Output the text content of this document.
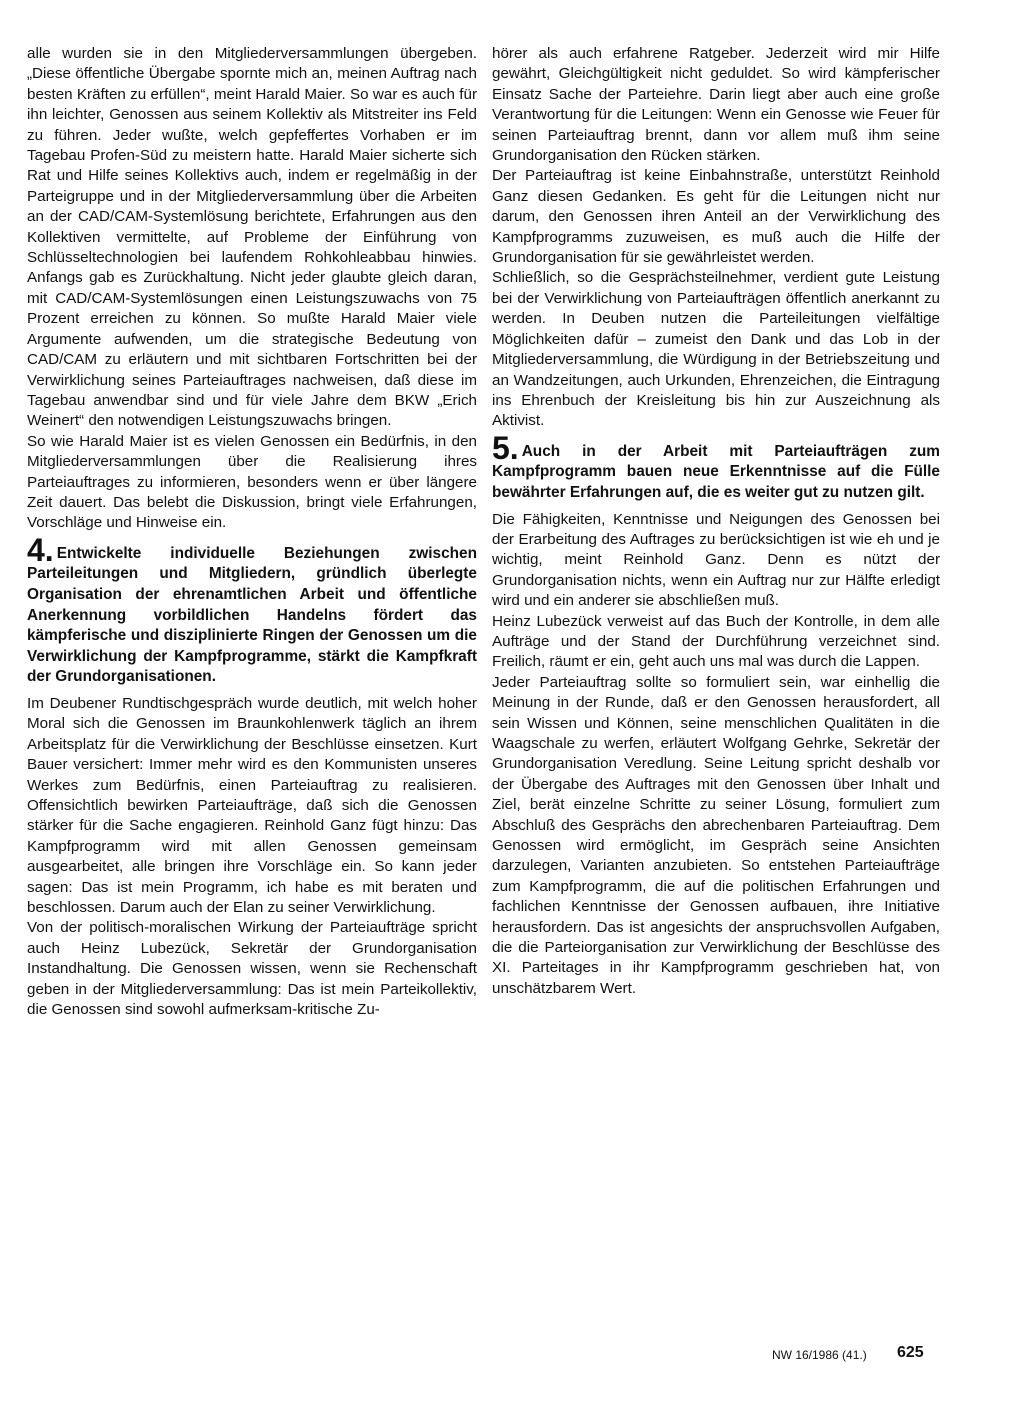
alle wurden sie in den Mitgliederversammlungen übergeben. „Diese öffentliche Übergabe spornte mich an, meinen Auftrag nach besten Kräften zu erfüllen“, meint Harald Maier. So war es auch für ihn leichter, Genossen aus seinem Kollektiv als Mitstreiter ins Feld zu führen. Jeder wußte, welch gepfeffertes Vorhaben er im Tagebau Profen-Süd zu meistern hatte. Harald Maier sicherte sich Rat und Hilfe seines Kollektivs auch, indem er regelmäßig in der Parteigruppe und in der Mitgliederversammlung über die Arbeiten an der CAD/CAM-Systemlösung berichtete, Erfahrungen aus den Kollektiven vermittelte, auf Probleme der Einführung von Schlüsseltechnologien bei laufendem Rohkohleabbau hinwies. Anfangs gab es Zurückhaltung. Nicht jeder glaubte gleich daran, mit CAD/CAM-Systemlösungen einen Leistungszuwachs von 75 Prozent erreichen zu können. So mußte Harald Maier viele Argumente aufwenden, um die strategische Bedeutung von CAD/CAM zu erläutern und mit sichtbaren Fortschritten bei der Verwirklichung seines Parteiauftrages nachweisen, daß diese im Tagebau anwendbar sind und für viele Jahre dem BKW „Erich Weinert“ den notwendigen Leistungszuwachs bringen.

So wie Harald Maier ist es vielen Genossen ein Bedürfnis, in den Mitgliederversammlungen über die Realisierung ihres Parteiauftrages zu informieren, besonders wenn er über längere Zeit dauert. Das belebt die Diskussion, bringt viele Erfahrungen, Vorschläge und Hinweise ein.

4. Entwickelte individuelle Beziehungen zwischen Parteileitungen und Mitgliedern, gründlich überlegte Organisation der ehrenamtlichen Arbeit und öffentliche Anerkennung vorbildlichen Handelns fördert das kämpferische und disziplinierte Ringen der Genossen um die Verwirklichung der Kampfprogramme, stärkt die Kampfkraft der Grundorganisationen.

Im Deubener Rundtischgespräch wurde deutlich, mit welch hoher Moral sich die Genossen im Braunkohlenwerk täglich an ihrem Arbeitsplatz für die Verwirklichung der Beschlüsse einsetzen. Kurt Bauer versichert: Immer mehr wird es den Kommunisten unseres Werkes zum Bedürfnis, einen Parteiauftrag zu realisieren. Offensichtlich bewirken Parteiaufträge, daß sich die Genossen stärker für die Sache engagieren. Reinhold Ganz fügt hinzu: Das Kampfprogramm wird mit allen Genossen gemeinsam ausgearbeitet, alle bringen ihre Vorschläge ein. So kann jeder sagen: Das ist mein Programm, ich habe es mit beraten und beschlossen. Darum auch der Elan zu seiner Verwirklichung.

Von der politisch-moralischen Wirkung der Parteiaufträge spricht auch Heinz Lubezück, Sekretär der Grundorganisation Instandhaltung. Die Genossen wissen, wenn sie Rechenschaft geben in der Mitgliederversammlung: Das ist mein Parteikollektiv, die Genossen sind sowohl aufmerksam-kritische Zu-

hörer als auch erfahrene Ratgeber. Jederzeit wird mir Hilfe gewährt, Gleichgültigkeit nicht geduldet. So wird kämpferischer Einsatz Sache der Parteiehre. Darin liegt aber auch eine große Verantwortung für die Leitungen: Wenn ein Genosse wie Feuer für seinen Parteiauftrag brennt, dann vor allem muß ihm seine Grundorganisation den Rücken stärken.

Der Parteiauftrag ist keine Einbahnstraße, unterstützt Reinhold Ganz diesen Gedanken. Es geht für die Leitungen nicht nur darum, den Genossen ihren Anteil an der Verwirklichung des Kampfprogramms zuzuweisen, es muß auch die Hilfe der Grundorganisation für sie gewährleistet werden.

Schließlich, so die Gesprächsteilnehmer, verdient gute Leistung bei der Verwirklichung von Parteiaufträgen öffentlich anerkannt zu werden. In Deuben nutzen die Parteileitungen vielfältige Möglichkeiten dafür – zumeist den Dank und das Lob in der Mitgliederversammlung, die Würdigung in der Betriebszeitung und an Wandzeitungen, auch Urkunden, Ehrenzeichen, die Eintragung ins Ehrenbuch der Kreisleitung bis hin zur Auszeichnung als Aktivist.

5. Auch in der Arbeit mit Parteiaufträgen zum Kampfprogramm bauen neue Erkenntnisse auf die Fülle bewährter Erfahrungen auf, die es weiter gut zu nutzen gilt.

Die Fähigkeiten, Kenntnisse und Neigungen des Genossen bei der Erarbeitung des Auftrages zu berücksichtigen ist wie eh und je wichtig, meint Reinhold Ganz. Denn es nützt der Grundorganisation nichts, wenn ein Auftrag nur zur Hälfte erledigt wird und ein anderer sie abschließen muß.

Heinz Lubezück verweist auf das Buch der Kontrolle, in dem alle Aufträge und der Stand der Durchführung verzeichnet sind. Freilich, räumt er ein, geht auch uns mal was durch die Lappen.

Jeder Parteiauftrag sollte so formuliert sein, war einhellig die Meinung in der Runde, daß er den Genossen herausfordert, all sein Wissen und Können, seine menschlichen Qualitäten in die Waagschale zu werfen, erläutert Wolfgang Gehrke, Sekretär der Grundorganisation Veredlung. Seine Leitung spricht deshalb vor der Übergabe des Auftrages mit den Genossen über Inhalt und Ziel, berät einzelne Schritte zu seiner Lösung, formuliert zum Abschluß des Gesprächs den abrechenbaren Parteiauftrag. Dem Genossen wird ermöglicht, im Gespräch seine Ansichten darzulegen, Varianten anzubieten. So entstehen Parteiaufträge zum Kampfprogramm, die auf die politischen Erfahrungen und fachlichen Kenntnisse der Genossen aufbauen, ihre Initiative herausfordern. Das ist angesichts der anspruchsvollen Aufgaben, die die Parteiorganisation zur Verwirklichung der Beschlüsse des XI. Parteitages in ihr Kampfprogramm geschrieben hat, von unschätzbarem Wert.

NW 16/1986 (41.) 625
